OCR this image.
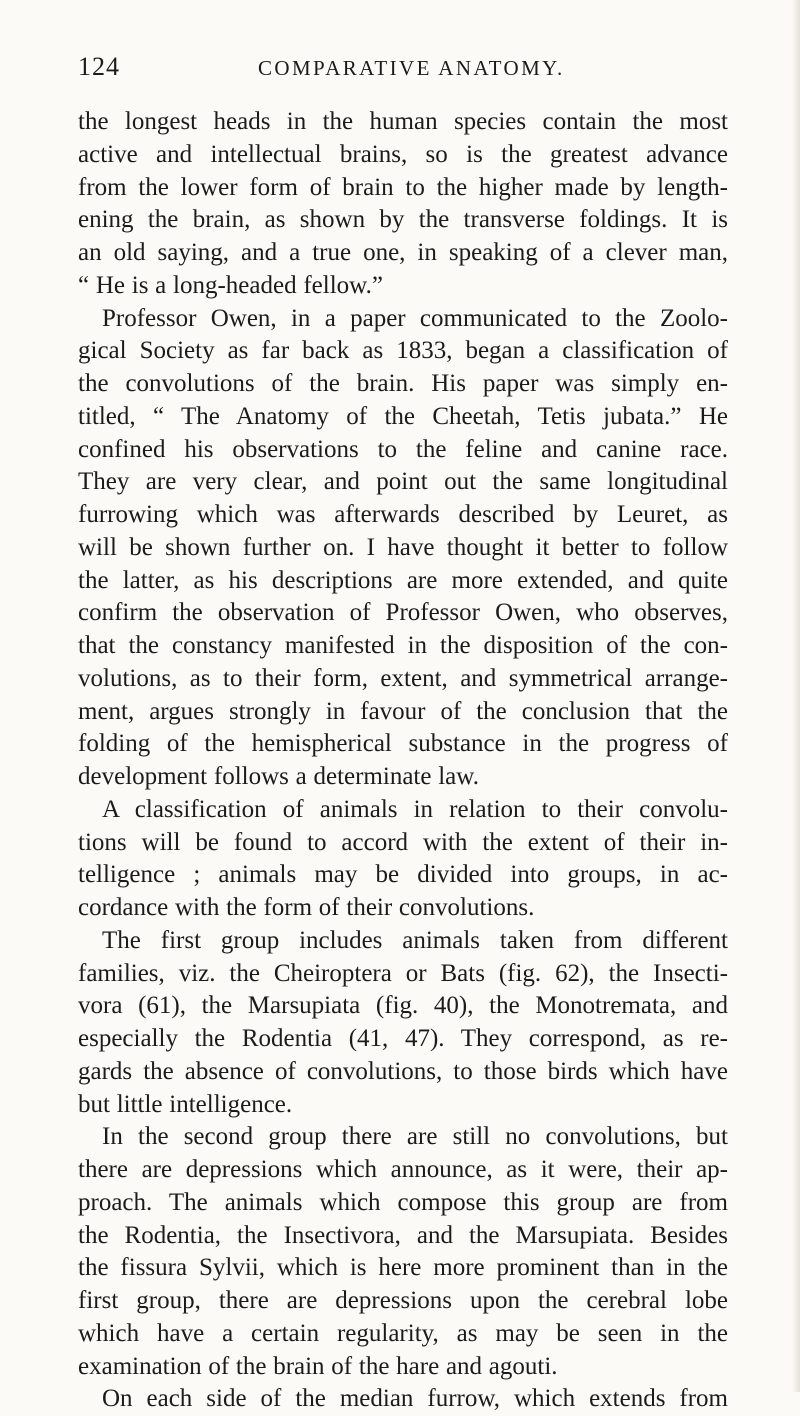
124	COMPARATIVE ANATOMY.
the longest heads in the human species contain the most
active and intellectual brains, so is the greatest advance
from the lower form of brain to the higher made by length-
ening the brain, as shown by the transverse foldings. It is
an old saying, and a true one, in speaking of a clever man,
“ He is a long-headed fellow.”
Professor Owen, in a paper communicated to the Zoolo-
gical Society as far back as 1833, began a classification of
the convolutions of the brain. His paper was simply en-
titled, “ The Anatomy of the Cheetah, Tetis jubata.” He
confined his observations to the feline and canine race.
They are very clear, and point out the same longitudinal
furrowing which was afterwards described by Leuret, as
will be shown further on. I have thought it better to follow
the latter, as his descriptions are more extended, and quite
confirm the observation of Professor Owen, who observes,
that the constancy manifested in the disposition of the con-
volutions, as to their form, extent, and symmetrical arrange-
ment, argues strongly in favour of the conclusion that the
folding of the hemispherical substance in the progress of
development follows a determinate law.
A classification of animals in relation to their convolu-
tions will be found to accord with the extent of their in-
telligence ; animals may be divided into groups, in ac-
cordance with the form of their convolutions.
The first group includes animals taken from different
families, viz. the Cheiroptera or Bats (fig. 62), the Insecti-
vora (61), the Marsupiata (fig. 40), the Monotremata, and
especially the Rodentia (41, 47). They correspond, as re-
gards the absence of convolutions, to those birds which have
but little intelligence.
In the second group there are still no convolutions, but
there are depressions which announce, as it were, their ap-
proach. The animals which compose this group are from
the Rodentia, the Insectivora, and the Marsupiata. Besides
the fissura Sylvii, which is here more prominent than in the
first group, there are depressions upon the cerebral lobe
which have a certain regularity, as may be seen in the
examination of the brain of the hare and agouti.
On each side of the median furrow, which extends from
